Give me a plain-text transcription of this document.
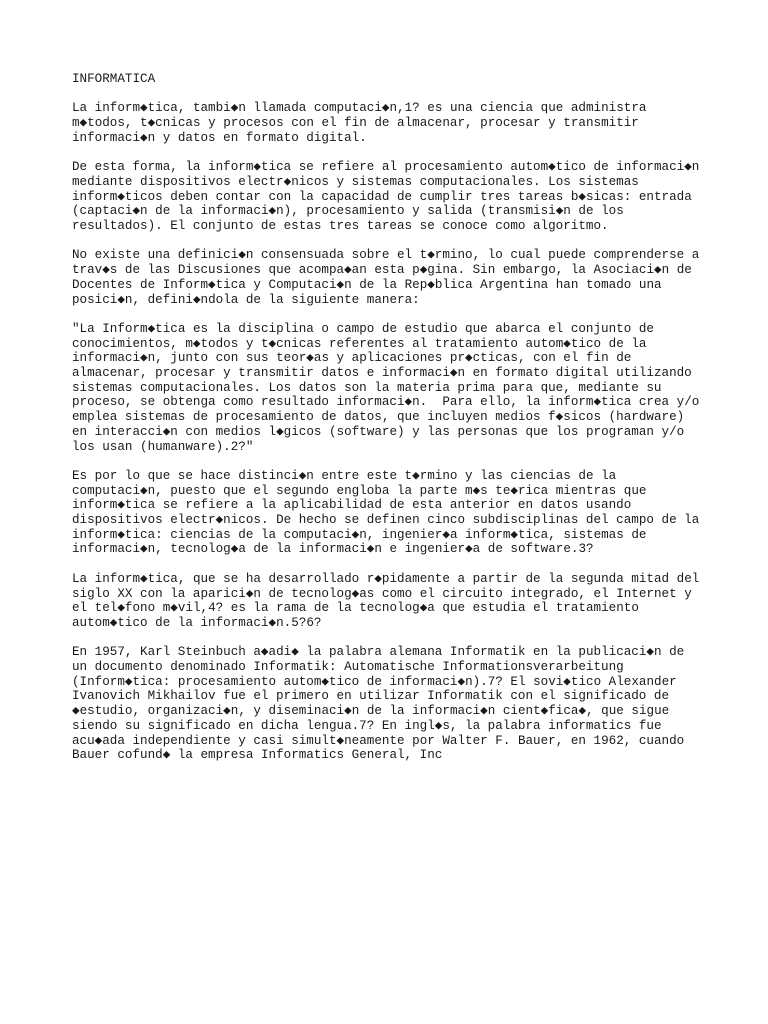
INFORMATICA
La inform◆tica, tambi◆n llamada computaci◆n,1? es una ciencia que administra
m◆todos, t◆cnicas y procesos con el fin de almacenar, procesar y transmitir
informaci◆n y datos en formato digital.
De esta forma, la inform◆tica se refiere al procesamiento autom◆tico de informaci◆n
mediante dispositivos electr◆nicos y sistemas computacionales. Los sistemas
inform◆ticos deben contar con la capacidad de cumplir tres tareas b◆sicas: entrada
(captaci◆n de la informaci◆n), procesamiento y salida (transmisi◆n de los
resultados). El conjunto de estas tres tareas se conoce como algoritmo.
No existe una definici◆n consensuada sobre el t◆rmino, lo cual puede comprenderse a
trav◆s de las Discusiones que acompa◆an esta p◆gina. Sin embargo, la Asociaci◆n de
Docentes de Inform◆tica y Computaci◆n de la Rep◆blica Argentina han tomado una
posici◆n, defini◆ndola de la siguiente manera:
"La Inform◆tica es la disciplina o campo de estudio que abarca el conjunto de
conocimientos, m◆todos y t◆cnicas referentes al tratamiento autom◆tico de la
informaci◆n, junto con sus teor◆as y aplicaciones pr◆cticas, con el fin de
almacenar, procesar y transmitir datos e informaci◆n en formato digital utilizando
sistemas computacionales. Los datos son la materia prima para que, mediante su
proceso, se obtenga como resultado informaci◆n.  Para ello, la inform◆tica crea y/o
emplea sistemas de procesamiento de datos, que incluyen medios f◆sicos (hardware)
en interacci◆n con medios l◆gicos (software) y las personas que los programan y/o
los usan (humanware).2?"
Es por lo que se hace distinci◆n entre este t◆rmino y las ciencias de la
computaci◆n, puesto que el segundo engloba la parte m◆s te◆rica mientras que
inform◆tica se refiere a la aplicabilidad de esta anterior en datos usando
dispositivos electr◆nicos. De hecho se definen cinco subdisciplinas del campo de la
inform◆tica: ciencias de la computaci◆n, ingenier◆a inform◆tica, sistemas de
informaci◆n, tecnolog◆a de la informaci◆n e ingenier◆a de software.3?
La inform◆tica, que se ha desarrollado r◆pidamente a partir de la segunda mitad del
siglo XX con la aparici◆n de tecnolog◆as como el circuito integrado, el Internet y
el tel◆fono m◆vil,4? es la rama de la tecnolog◆a que estudia el tratamiento
autom◆tico de la informaci◆n.5?6?
En 1957, Karl Steinbuch a◆adi◆ la palabra alemana Informatik en la publicaci◆n de
un documento denominado Informatik: Automatische Informationsverarbeitung
(Inform◆tica: procesamiento autom◆tico de informaci◆n).7? El sovi◆tico Alexander
Ivanovich Mikhailov fue el primero en utilizar Informatik con el significado de
◆estudio, organizaci◆n, y diseminaci◆n de la informaci◆n cient◆fica◆, que sigue
siendo su significado en dicha lengua.7? En ingl◆s, la palabra informatics fue
acu◆ada independiente y casi simult◆neamente por Walter F. Bauer, en 1962, cuando
Bauer cofund◆ la empresa Informatics General, Inc
